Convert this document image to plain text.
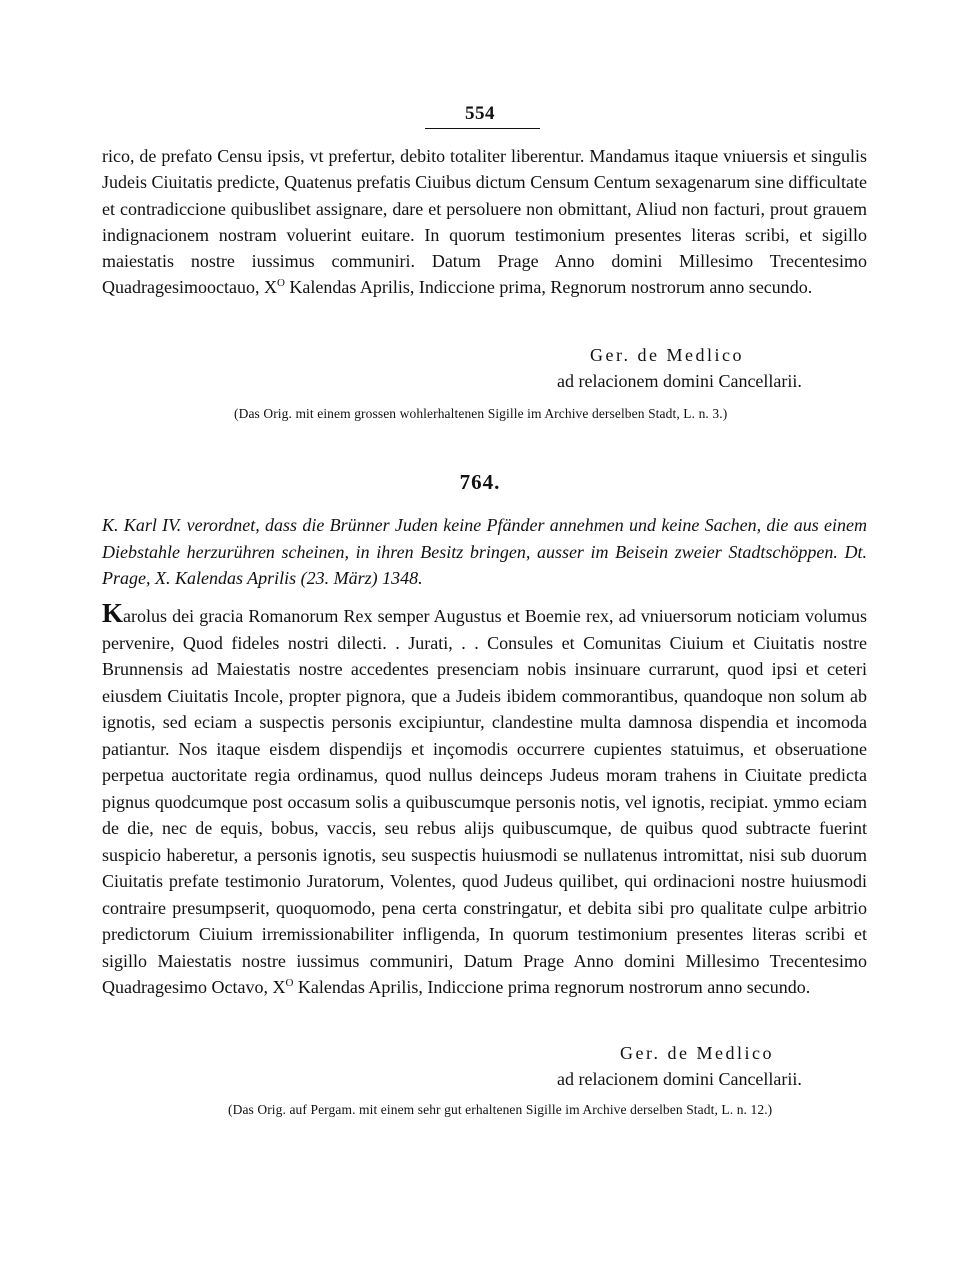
554

rico, de prefato Censu ipsis, vt prefertur, debito totaliter liberentur. Mandamus itaque vniuersis et singulis Judeis Ciuitatis predicte, Quatenus prefatis Ciuibus dictum Censum Centum sexagenarum sine difficultate et contradiccione quibuslibet assignare, dare et persoluere non obmittant, Aliud non facturi, prout grauem indignacionem nostram voluerint euitare. In quorum testimonium presentes literas scribi, et sigillo maiestatis nostre iussimus communiri. Datum Prage Anno domini Millesimo Trecentesimo Quadragesimooctauo, $X^O$ Kalendas Aprilis, Indiccione prima, Regnorum nostrorum anno secundo.

Ger. de Medlico
ad relacionem domini Cancellarii.
(Das Orig. mit einem grossen wohlerhaltenen Sigille im Archive derselben Stadt, L. n. 3.)
764.

K. Karl IV. verordnet, dass die Brünner Juden keine Pfänder annehmen und keine Sachen, die aus einem Diebstahle herzurühren scheinen, in ihren Besitz bringen, ausser im Beisein zweier Stadtschöppen. Dt. Prage, X. Kalendas Aprilis (23. März) 1348.

Karolus dei gracia Romanorum Rex semper Augustus et Boemie rex, ad vniuersorum noticiam volumus pervenire, Quod fideles nostri dilecti. . Jurati, . . Consules et Comunitas Ciuium et Ciuitatis nostre Brunnensis ad Maiestatis nostre accedentes presenciam nobis insinuare currarunt, quod ipsi et ceteri eiusdem Ciuitatis Incole, propter pignora, que a Judeis ibidem commorantibus, quandoque non solum ab ignotis, sed eciam a suspectis personis excipiuntur, clandestine multa damnosa dispendia et incomoda patiantur. Nos itaque eisdem dispendijs et inçomodis occurrere cupientes statuimus, et obseruatione perpetua auctoritate regia ordinamus, quod nullus deinceps Judeus moram trahens in Ciuitate predicta pignus quodcumque post occasum solis a quibuscumque personis notis, vel ignotis, recipiat. ymmo eciam de die, nec de equis, bobus, vaccis, seu rebus alijs quibuscumque, de quibus quod subtracte fuerint suspicio haberetur, a personis ignotis, seu suspectis huiusmodi se nullatenus intromittat, nisi sub duorum Ciuitatis prefate testimonio Juratorum, Volentes, quod Judeus quilibet, qui ordinacioni nostre huiusmodi contraire presumpserit, quoquomodo, pena certa constringatur, et debita sibi pro qualitate culpe arbitrio predictorum Ciuium irremissionabiliter infligenda, In quorum testimonium presentes literas scribi et sigillo Maiestatis nostre iussimus communiri, Datum Prage Anno domini Millesimo Trecentesimo Quadragesimo Octavo, $X^O$ Kalendas Aprilis, Indiccione prima regnorum nostrorum anno secundo.

Ger. de Medlico
ad relacionem domini Cancellarii.
(Das Orig. auf Pergam. mit einem sehr gut erhaltenen Sigille im Archive derselben Stadt, L. n. 12.)
